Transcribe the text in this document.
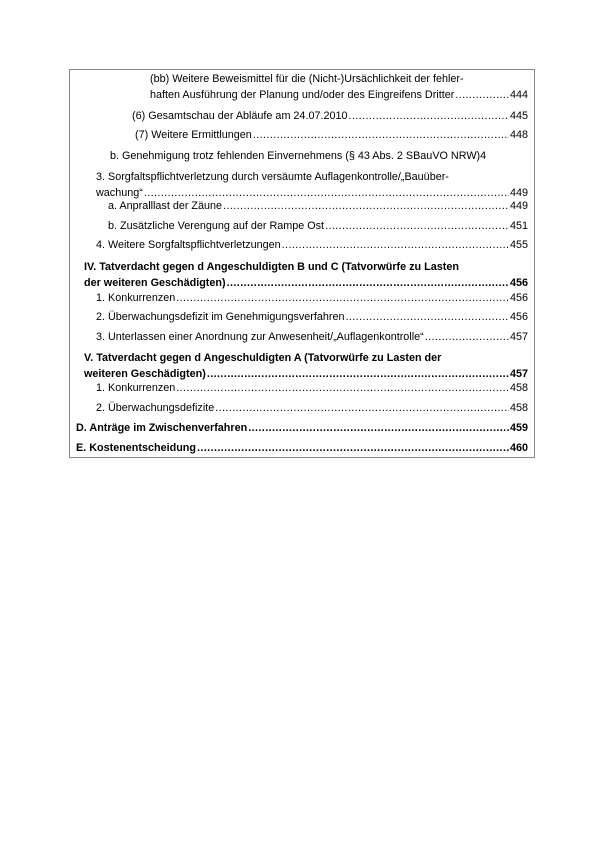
(bb) Weitere Beweismittel für die (Nicht-)Ursächlichkeit der fehler-
haften Ausführung der Planung und/oder des Eingreifens Dritter .....	444
(6) Gesamtschau der Abläufe am 24.07.2010 .....	445
(7) Weitere Ermittlungen .....	448
b. Genehmigung trotz fehlenden Einvernehmens (§ 43 Abs. 2 SBauVO NRW) 4
3. Sorgfaltspflichtverletzung durch versäumte Auflagenkontrolle/„Bauüber-
wachung“ .....	449
a. Anpralllast der Zäune .....	449
b. Zusätzliche Verengung auf der Rampe Ost .....	451
4. Weitere Sorgfaltspflichtverletzungen .....	455
IV. Tatverdacht gegen d Angeschuldigten B und C (Tatvorwürfe zu Lasten
der weiteren Geschädigten) .....	456
1. Konkurrenzen .....	456
2. Überwachungsdefizit im Genehmigungsverfahren .....	456
3. Unterlassen einer Anordnung zur Anwesenheit/„Auflagenkontrolle“ .....	457
V. Tatverdacht gegen d Angeschuldigten A (Tatvorwürfe zu Lasten der
weiteren Geschädigten) .....	457
1. Konkurrenzen .....	458
2. Überwachungsdefizite .....	458
D. Anträge im Zwischenverfahren .....	459
E. Kostenentscheidung .....	460
